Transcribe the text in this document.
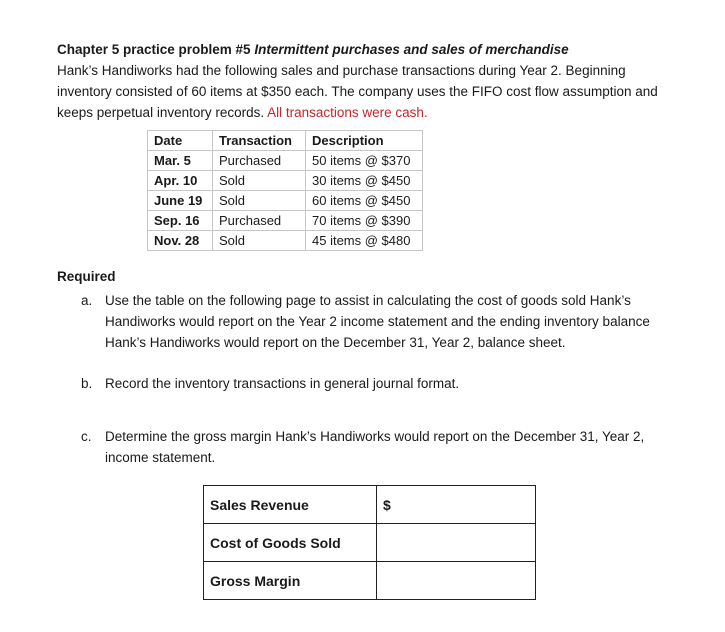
Chapter 5 practice problem #5 Intermittent purchases and sales of merchandise
Hank’s Handiworks had the following sales and purchase transactions during Year 2. Beginning inventory consisted of 60 items at $350 each. The company uses the FIFO cost flow assumption and keeps perpetual inventory records. All transactions were cash.
Date	Transaction	Description
Mar. 5	Purchased	50 items @ $370
Apr. 10	Sold	30 items @ $450
June 19	Sold	60 items @ $450
Sep. 16	Purchased	70 items @ $390
Nov. 28	Sold	45 items @ $480
Required
a. Use the table on the following page to assist in calculating the cost of goods sold Hank’s Handiworks would report on the Year 2 income statement and the ending inventory balance Hank’s Handiworks would report on the December 31, Year 2, balance sheet.
b. Record the inventory transactions in general journal format.
c. Determine the gross margin Hank’s Handiworks would report on the December 31, Year 2, income statement.
Sales Revenue	$
Cost of Goods Sold	
Gross Margin	
